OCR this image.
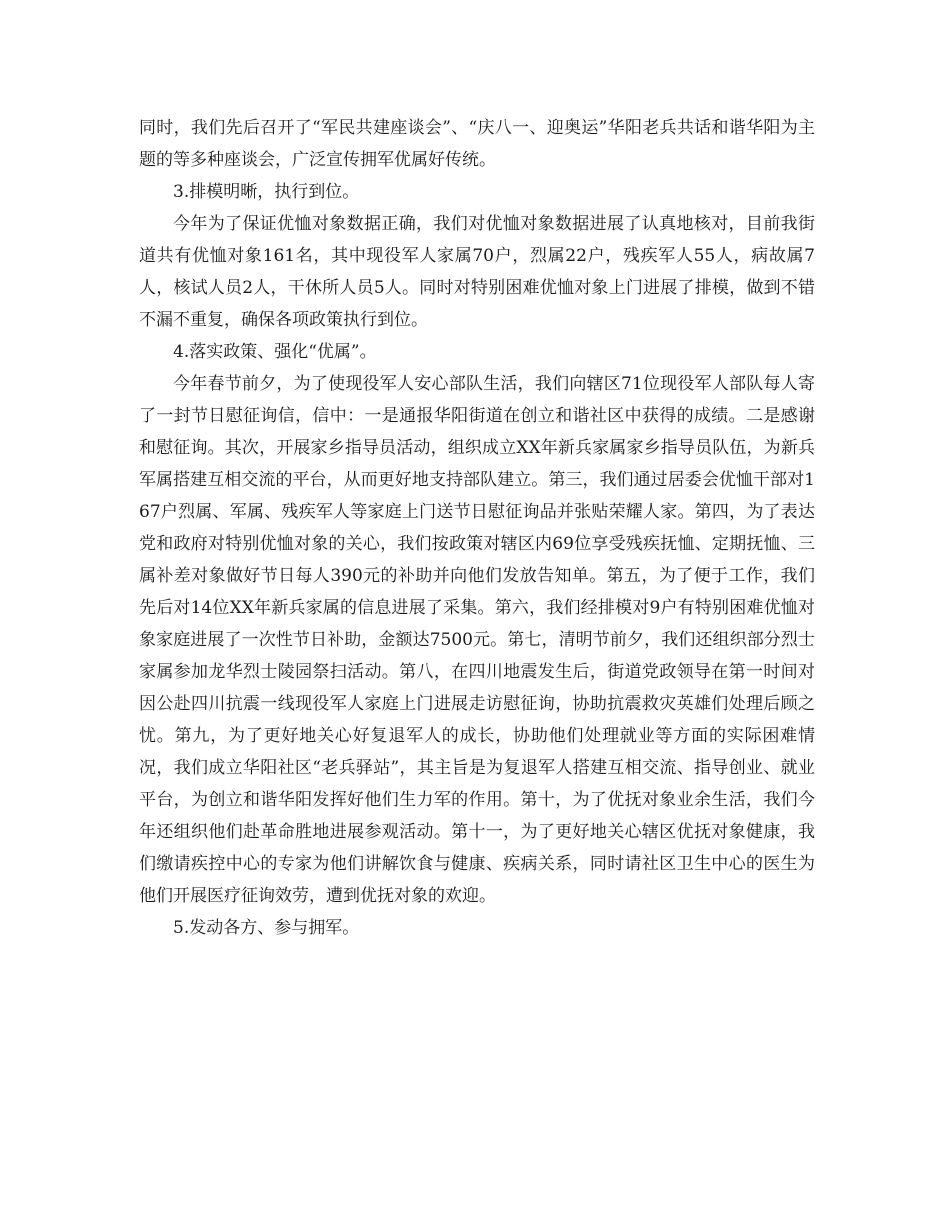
同时，我们先后召开了“军民共建座谈会”、“庆八一、迎奥运”华阳老兵共话和谐华阳为主题的等多种座谈会，广泛宣传拥军优属好传统。

3.排模明晰，执行到位。

今年为了保证优恤对象数据正确，我们对优恤对象数据进展了认真地核对，目前我街道共有优恤对象161名，其中现役军人家属70户，烈属22户，残疾军人55人，病故属7人，核试人员2人，干休所人员5人。同时对特别困难优恤对象上门进展了排模，做到不错不漏不重复，确保各项政策执行到位。

4.落实政策、强化“优属”。

今年春节前夕，为了使现役军人安心部队生活，我们向辖区71位现役军人部队每人寄了一封节日慰征询信，信中：一是通报华阳街道在创立和谐社区中获得的成绩。二是感谢和慰征询。其次，开展家乡指导员活动，组织成立XX年新兵家属家乡指导员队伍，为新兵军属搭建互相交流的平台，从而更好地支持部队建立。第三，我们通过居委会优恤干部对167户烈属、军属、残疾军人等家庭上门送节日慰征询品并张贴荣耀人家。第四，为了表达党和政府对特别优恤对象的关心，我们按政策对辖区内69位享受残疾抚恤、定期抚恤、三属补差对象做好节日每人390元的补助并向他们发放告知单。第五，为了便于工作，我们先后对14位XX年新兵家属的信息进展了采集。第六，我们经排模对9户有特别困难优恤对象家庭进展了一次性节日补助，金额达7500元。第七，清明节前夕，我们还组织部分烈士家属参加龙华烈士陵园祭扫活动。第八，在四川地震发生后，街道党政领导在第一时间对因公赴四川抗震一线现役军人家庭上门进展走访慰征询，协助抗震救灾英雄们处理后顾之忧。第九，为了更好地关心好复退军人的成长，协助他们处理就业等方面的实际困难情况，我们成立华阳社区“老兵驿站”，其主旨是为复退军人搭建互相交流、指导创业、就业平台，为创立和谐华阳发挥好他们生力军的作用。第十，为了优抚对象业余生活，我们今年还组织他们赴革命胜地进展参观活动。第十一，为了更好地关心辖区优抚对象健康，我们缴请疾控中心的专家为他们讲解饮食与健康、疾病关系，同时请社区卫生中心的医生为他们开展医疗征询效劳，遭到优抚对象的欢迎。

5.发动各方、参与拥军。
